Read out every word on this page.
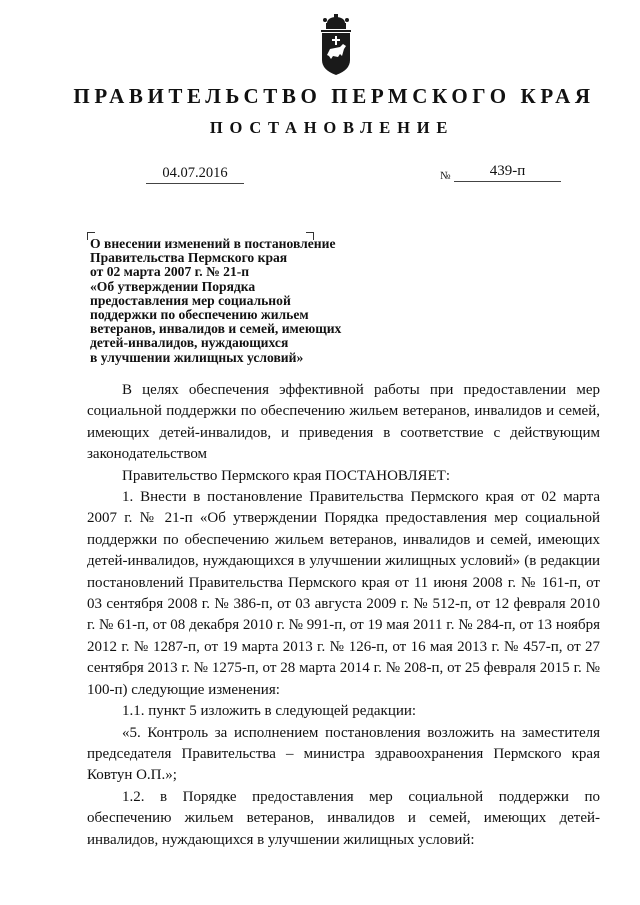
ПРАВИТЕЛЬСТВО ПЕРМСКОГО КРАЯ
ПОСТАНОВЛЕНИЕ
04.07.2016	№	439-п
О внесении изменений в постановление
Правительства Пермского края
от 02 марта 2007 г. № 21-п
«Об утверждении Порядка
предоставления мер социальной
поддержки по обеспечению жильем
ветеранов, инвалидов и семей, имеющих
детей-инвалидов, нуждающихся
в улучшении жилищных условий»

В целях обеспечения эффективной работы при предоставлении мер социальной поддержки по обеспечению жильем ветеранов, инвалидов и семей, имеющих детей-инвалидов, и приведения в соответствие с действующим законодательством

Правительство Пермского края ПОСТАНОВЛЯЕТ:

1. Внести в постановление Правительства Пермского края от 02 марта 2007 г. № 21-п «Об утверждении Порядка предоставления мер социальной поддержки по обеспечению жильем ветеранов, инвалидов и семей, имеющих детей-инвалидов, нуждающихся в улучшении жилищных условий» (в редакции постановлений Правительства Пермского края от 11 июня 2008 г. № 161-п, от 03 сентября 2008 г. № 386-п, от 03 августа 2009 г. № 512-п, от 12 февраля 2010 г. № 61-п, от 08 декабря 2010 г. № 991-п, от 19 мая 2011 г. № 284-п, от 13 ноября 2012 г. № 1287-п, от 19 марта 2013 г. № 126-п, от 16 мая 2013 г. № 457-п, от 27 сентября 2013 г. № 1275-п, от 28 марта 2014 г. № 208-п, от 25 февраля 2015 г. № 100-п) следующие изменения:

1.1. пункт 5 изложить в следующей редакции:

«5. Контроль за исполнением постановления возложить на заместителя председателя Правительства – министра здравоохранения Пермского края Ковтун О.П.»;

1.2. в Порядке предоставления мер социальной поддержки по обеспечению жильем ветеранов, инвалидов и семей, имеющих детей-инвалидов, нуждающихся в улучшении жилищных условий:
